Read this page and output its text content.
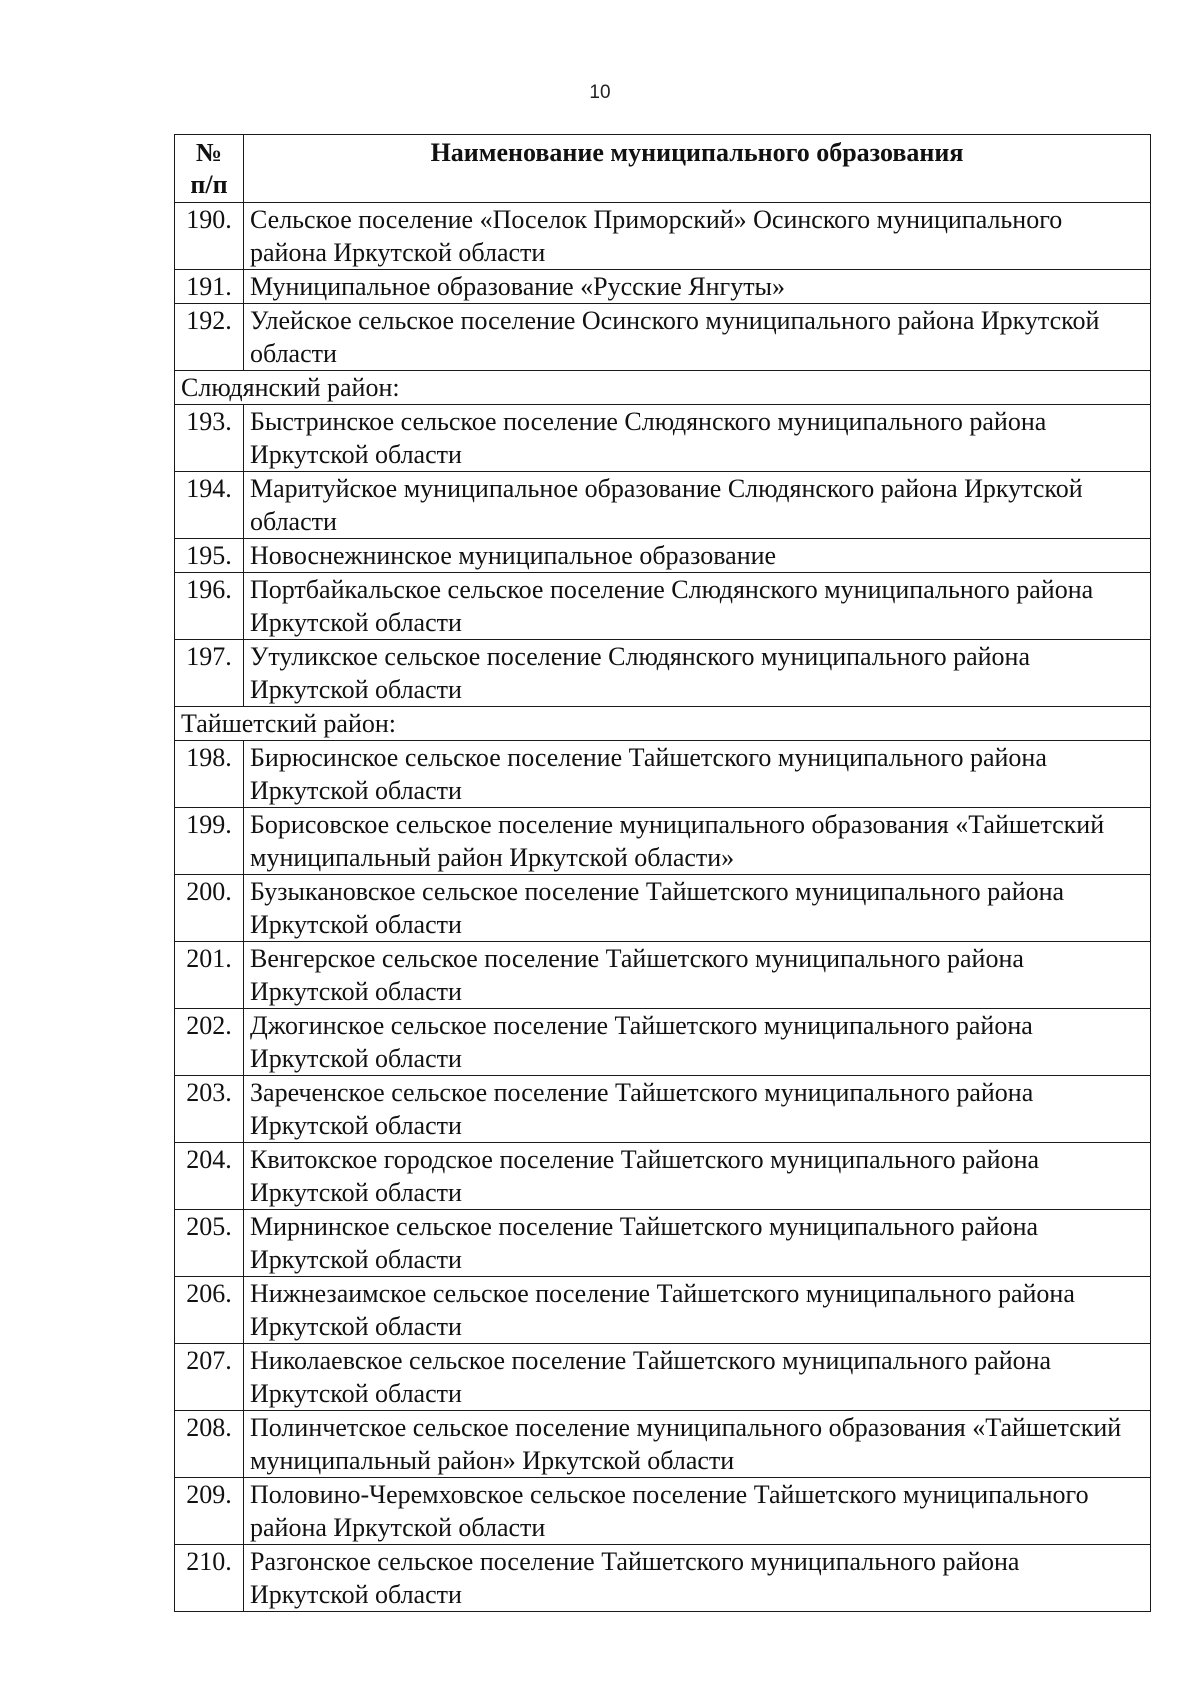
10
№
п/п	Наименование муниципального образования
190.	Сельское поселение «Поселок Приморский» Осинского муниципального района Иркутской области
191.	Муниципальное образование «Русские Янгуты»
192.	Улейское сельское поселение Осинского муниципального района Иркутской области
Слюдянский район:	
193.	Быстринское сельское поселение Слюдянского муниципального района Иркутской области
194.	Маритуйское муниципальное образование Слюдянского района Иркутской области
195.	Новоснежнинское муниципальное образование
196.	Портбайкальское сельское поселение Слюдянского муниципального района Иркутской области
197.	Утуликское сельское поселение Слюдянского муниципального района Иркутской области
Тайшетский район:	
198.	Бирюсинское сельское поселение Тайшетского муниципального района Иркутской области
199.	Борисовское сельское поселение муниципального образования «Тайшетский муниципальный район Иркутской области»
200.	Бузыкановское сельское поселение Тайшетского муниципального района Иркутской области
201.	Венгерское сельское поселение Тайшетского муниципального района Иркутской области
202.	Джогинское сельское поселение Тайшетского муниципального района Иркутской области
203.	Зареченское сельское поселение Тайшетского муниципального района Иркутской области
204.	Квитокское городское поселение Тайшетского муниципального района Иркутской области
205.	Мирнинское сельское поселение Тайшетского муниципального района Иркутской области
206.	Нижнезаимское сельское поселение Тайшетского муниципального района Иркутской области
207.	Николаевское сельское поселение Тайшетского муниципального района Иркутской области
208.	Полинчетское сельское поселение муниципального образования «Тайшетский муниципальный район» Иркутской области
209.	Половино-Черемховское сельское поселение Тайшетского муниципального района Иркутской области
210.	Разгонское сельское поселение Тайшетского муниципального района Иркутской области
